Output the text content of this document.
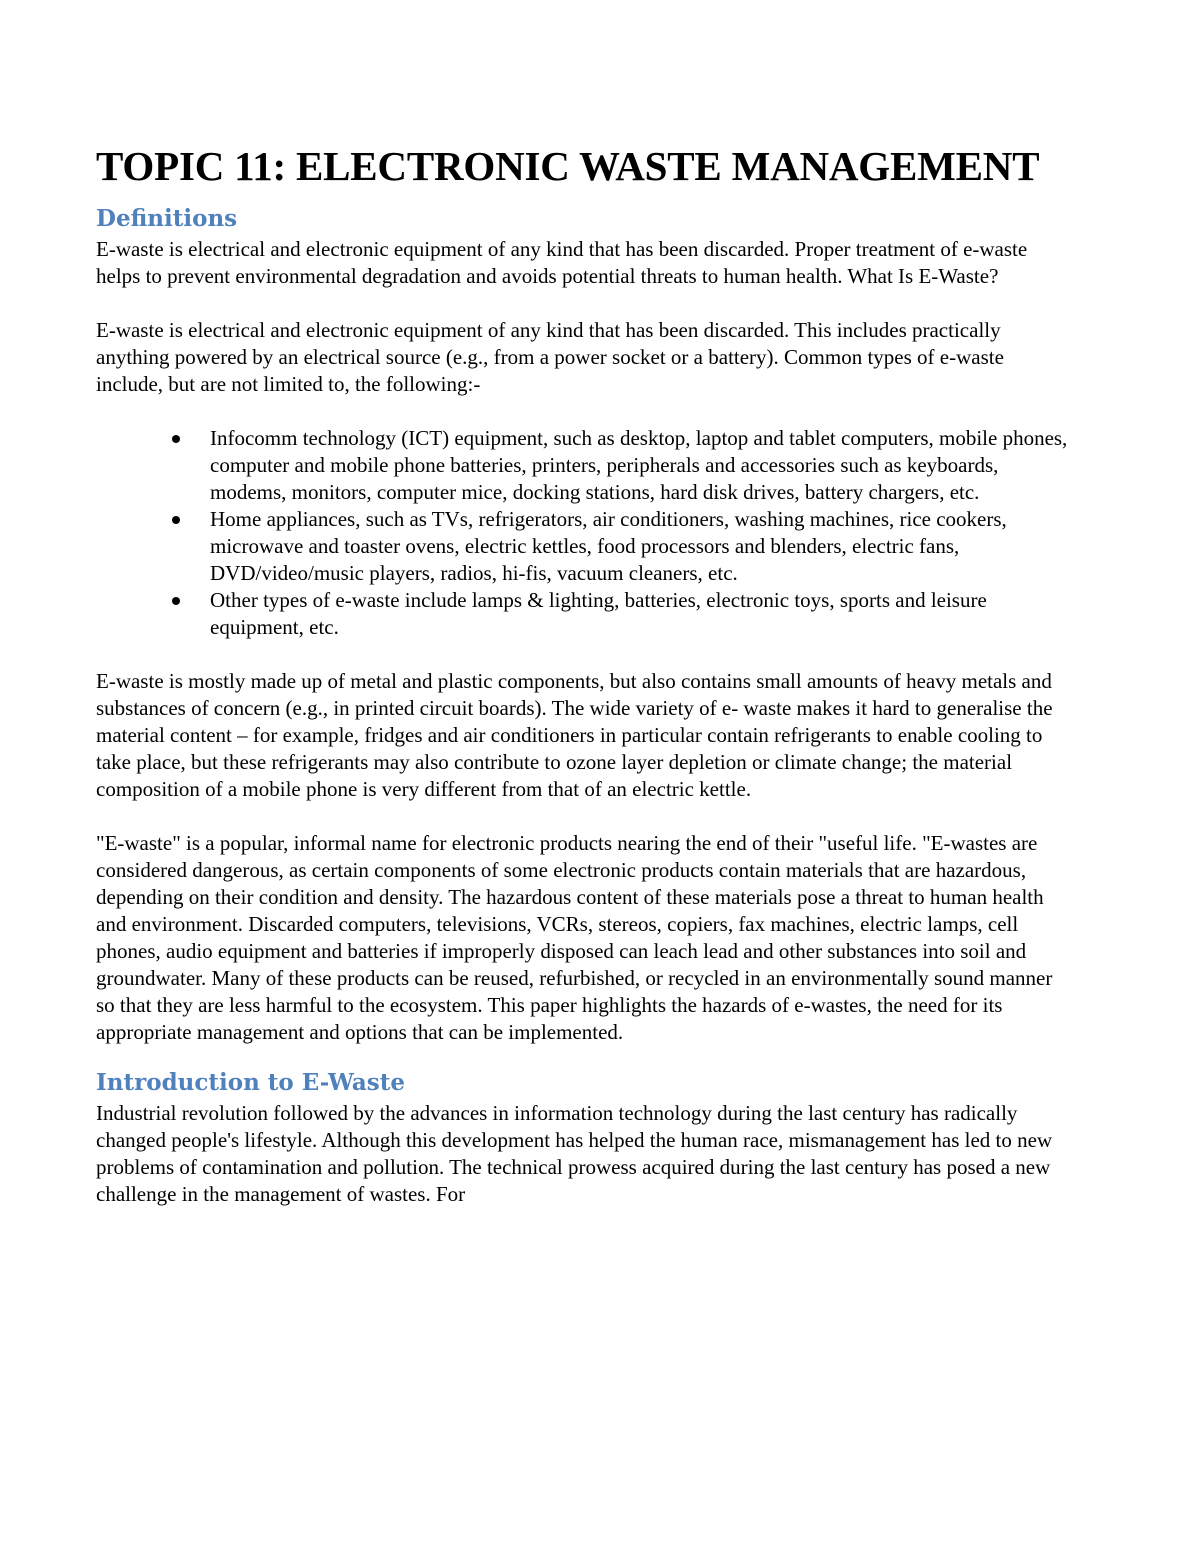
TOPIC 11: ELECTRONIC WASTE MANAGEMENT
Definitions

E-waste is electrical and electronic equipment of any kind that has been discarded. Proper treatment of e-waste helps to prevent environmental degradation and avoids potential threats to human health. What Is E-Waste?

E-waste is electrical and electronic equipment of any kind that has been discarded. This includes practically anything powered by an electrical source (e.g., from a power socket or a battery). Common types of e-waste include, but are not limited to, the following:-

Infocomm technology (ICT) equipment, such as desktop, laptop and tablet computers, mobile phones, computer and mobile phone batteries, printers, peripherals and accessories such as keyboards, modems, monitors, computer mice, docking stations, hard disk drives, battery chargers, etc.
Home appliances, such as TVs, refrigerators, air conditioners, washing machines, rice cookers, microwave and toaster ovens, electric kettles, food processors and blenders, electric fans, DVD/video/music players, radios, hi-fis, vacuum cleaners, etc.
Other types of e-waste include lamps & lighting, batteries, electronic toys, sports and leisure equipment, etc.

E-waste is mostly made up of metal and plastic components, but also contains small amounts of heavy metals and substances of concern (e.g., in printed circuit boards). The wide variety of e- waste makes it hard to generalise the material content – for example, fridges and air conditioners in particular contain refrigerants to enable cooling to take place, but these refrigerants may also contribute to ozone layer depletion or climate change; the material composition of a mobile phone is very different from that of an electric kettle.

"E-waste" is a popular, informal name for electronic products nearing the end of their "useful life. "E-wastes are considered dangerous, as certain components of some electronic products contain materials that are hazardous, depending on their condition and density. The hazardous content of these materials pose a threat to human health and environment. Discarded computers, televisions, VCRs, stereos, copiers, fax machines, electric lamps, cell phones, audio equipment and batteries if improperly disposed can leach lead and other substances into soil and groundwater. Many of these products can be reused, refurbished, or recycled in an environmentally sound manner so that they are less harmful to the ecosystem. This paper highlights the hazards of e-wastes, the need for its appropriate management and options that can be implemented.

Introduction to E-Waste

Industrial revolution followed by the advances in information technology during the last century has radically changed people's lifestyle. Although this development has helped the human race, mismanagement has led to new problems of contamination and pollution. The technical prowess acquired during the last century has posed a new challenge in the management of wastes. For
